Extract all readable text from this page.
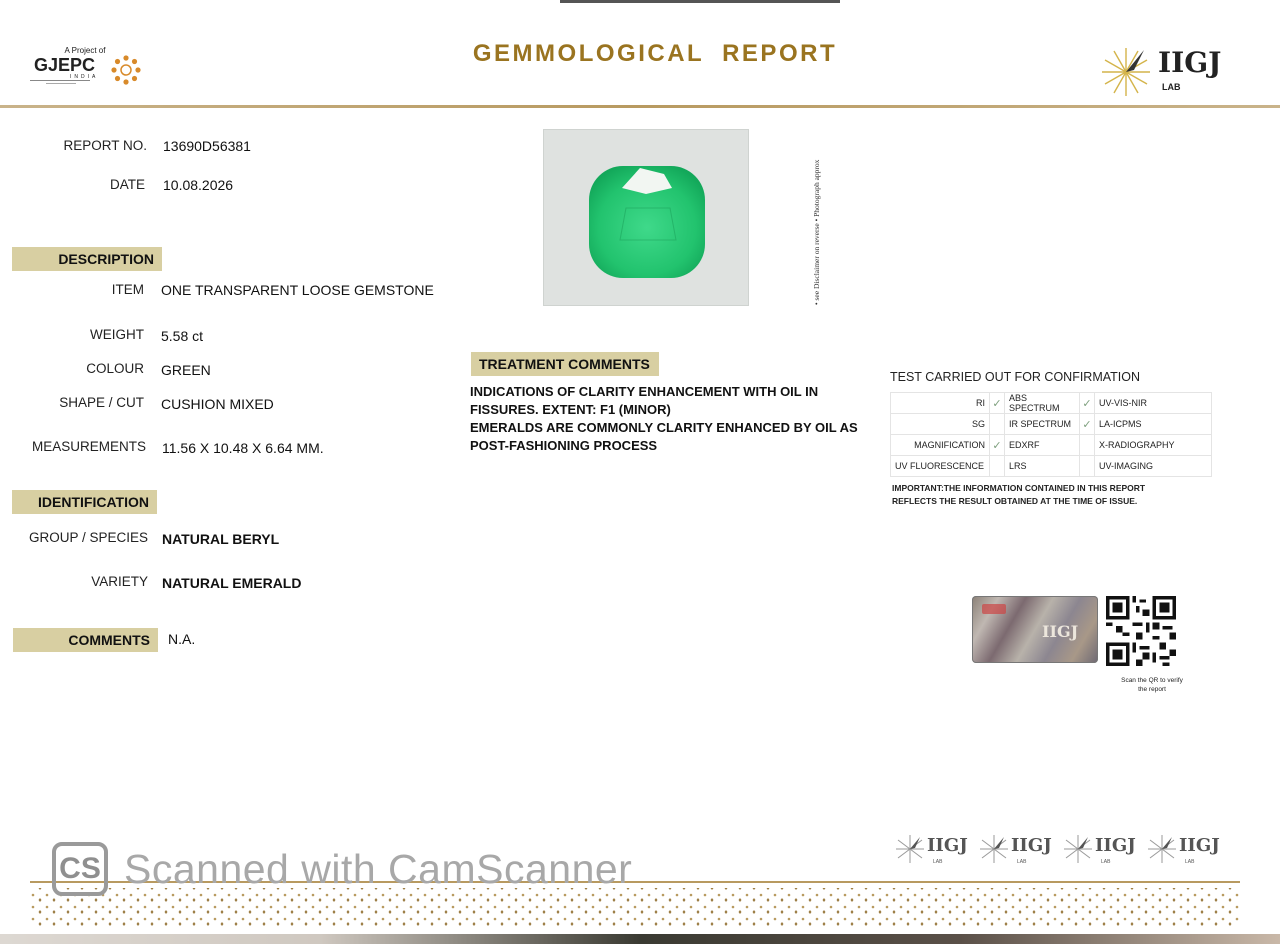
A Project of
GJEPC
INDIA
GEMMOLOGICAL  REPORT	IIGJ
LAB
REPORT NO. 13690D56381
DATE 10.08.2026
DESCRIPTION
ITEM ONE TRANSPARENT LOOSE GEMSTONE
WEIGHT 5.58 ct
COLOUR GREEN
SHAPE / CUT CUSHION MIXED
MEASUREMENTS 11.56 X 10.48 X 6.64 MM.
IDENTIFICATION
GROUP / SPECIES NATURAL BERYL
VARIETY NATURAL EMERALD
COMMENTS	N.A.
• see Disclaimer on reverse • Photograph approx
TREATMENT COMMENTS
INDICATIONS OF CLARITY ENHANCEMENT WITH OIL IN
FISSURES. EXTENT: F1 (MINOR)
EMERALDS ARE COMMONLY CLARITY ENHANCED BY OIL AS
POST-FASHIONING PROCESS
TEST CARRIED OUT FOR CONFIRMATION
RI	✓	ABS SPECTRUM	✓	UV-VIS-NIR
SG		IR SPECTRUM	✓	LA-ICPMS
MAGNIFICATION	✓	EDXRF		X-RADIOGRAPHY
UV FLUORESCENCE		LRS		UV-IMAGING
IMPORTANT:THE INFORMATION CONTAINED IN THIS REPORT REFLECTS THE RESULT OBTAINED AT THE TIME OF ISSUE.
IIGJ
Scan the QR to verify the report
IIGJ
LAB
IIGJ
LAB
IIGJ
LAB
IIGJ
LAB
CS Scanned with CamScanner
